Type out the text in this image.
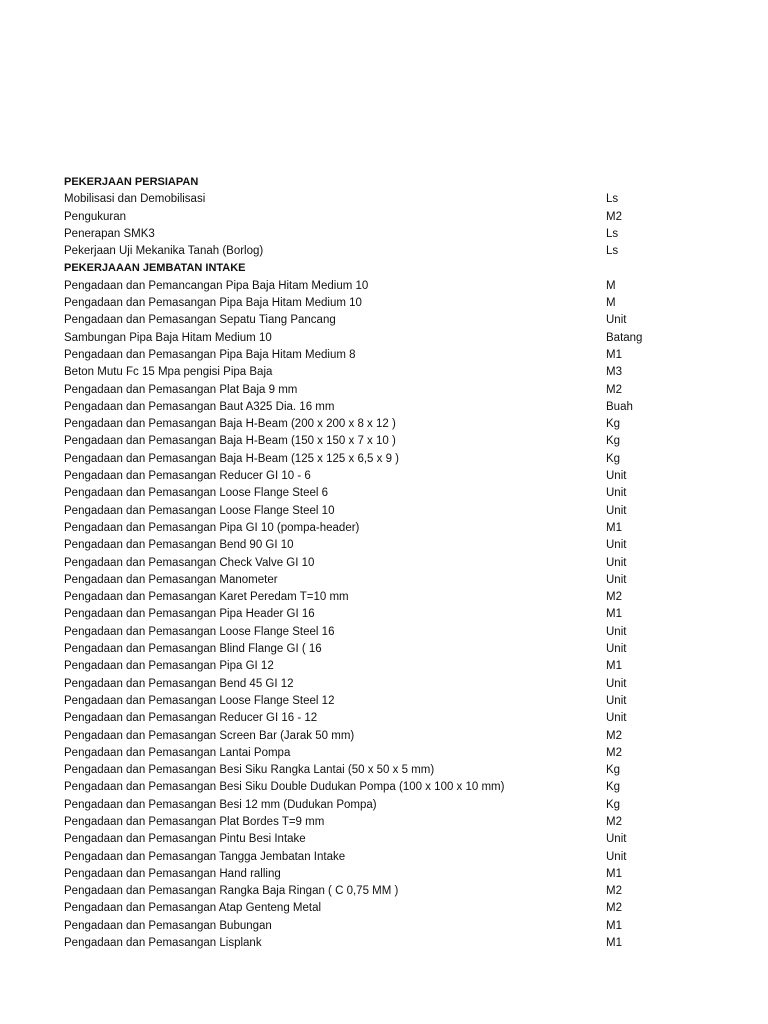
PEKERJAAN PERSIAPAN
Mobilisasi dan Demobilisasi	Ls
Pengukuran	M2
Penerapan SMK3	Ls
Pekerjaan Uji Mekanika Tanah (Borlog)	Ls
PEKERJAAAN JEMBATAN INTAKE
Pengadaan dan Pemancangan Pipa Baja Hitam Medium 10	M
Pengadaan dan Pemasangan Pipa Baja Hitam Medium 10	M
Pengadaan dan Pemasangan Sepatu Tiang Pancang	Unit
Sambungan Pipa Baja Hitam Medium 10	Batang
Pengadaan dan Pemasangan Pipa Baja Hitam Medium 8	M1
Beton Mutu Fc 15 Mpa pengisi Pipa Baja	M3
Pengadaan dan Pemasangan Plat Baja 9 mm	M2
Pengadaan dan Pemasangan Baut A325 Dia. 16 mm	Buah
Pengadaan dan Pemasangan Baja H-Beam (200 x 200 x 8 x 12 )	Kg
Pengadaan dan Pemasangan Baja H-Beam (150 x 150 x 7 x 10 )	Kg
Pengadaan dan Pemasangan Baja H-Beam (125 x 125 x 6,5 x 9 )	Kg
Pengadaan dan Pemasangan Reducer GI 10 - 6	Unit
Pengadaan dan Pemasangan Loose Flange Steel 6	Unit
Pengadaan dan Pemasangan Loose Flange Steel 10	Unit
Pengadaan dan Pemasangan Pipa GI 10 (pompa-header)	M1
Pengadaan dan Pemasangan Bend 90 GI 10	Unit
Pengadaan dan Pemasangan Check Valve GI 10	Unit
Pengadaan dan Pemasangan Manometer	Unit
Pengadaan dan Pemasangan Karet Peredam T=10 mm	M2
Pengadaan dan Pemasangan Pipa Header GI 16	M1
Pengadaan dan Pemasangan Loose Flange Steel 16	Unit
Pengadaan dan Pemasangan Blind Flange GI ( 16	Unit
Pengadaan dan Pemasangan Pipa GI 12	M1
Pengadaan dan Pemasangan Bend 45 GI 12	Unit
Pengadaan dan Pemasangan Loose Flange Steel 12	Unit
Pengadaan dan Pemasangan Reducer GI 16 - 12	Unit
Pengadaan dan Pemasangan Screen Bar (Jarak 50 mm)	M2
Pengadaan dan Pemasangan Lantai Pompa	M2
Pengadaan dan Pemasangan Besi Siku Rangka Lantai (50 x 50 x 5 mm)	Kg
Pengadaan dan Pemasangan Besi Siku Double Dudukan Pompa (100 x 100 x 10 mm)	Kg
Pengadaan dan Pemasangan Besi 12 mm (Dudukan Pompa)	Kg
Pengadaan dan Pemasangan Plat Bordes T=9 mm	M2
Pengadaan dan Pemasangan Pintu Besi Intake	Unit
Pengadaan dan Pemasangan Tangga Jembatan Intake	Unit
Pengadaan dan Pemasangan Hand ralling	M1
Pengadaan dan Pemasangan Rangka Baja Ringan ( C 0,75 MM )	M2
Pengadaan dan Pemasangan Atap Genteng Metal	M2
Pengadaan dan Pemasangan Bubungan	M1
Pengadaan dan Pemasangan Lisplank	M1
